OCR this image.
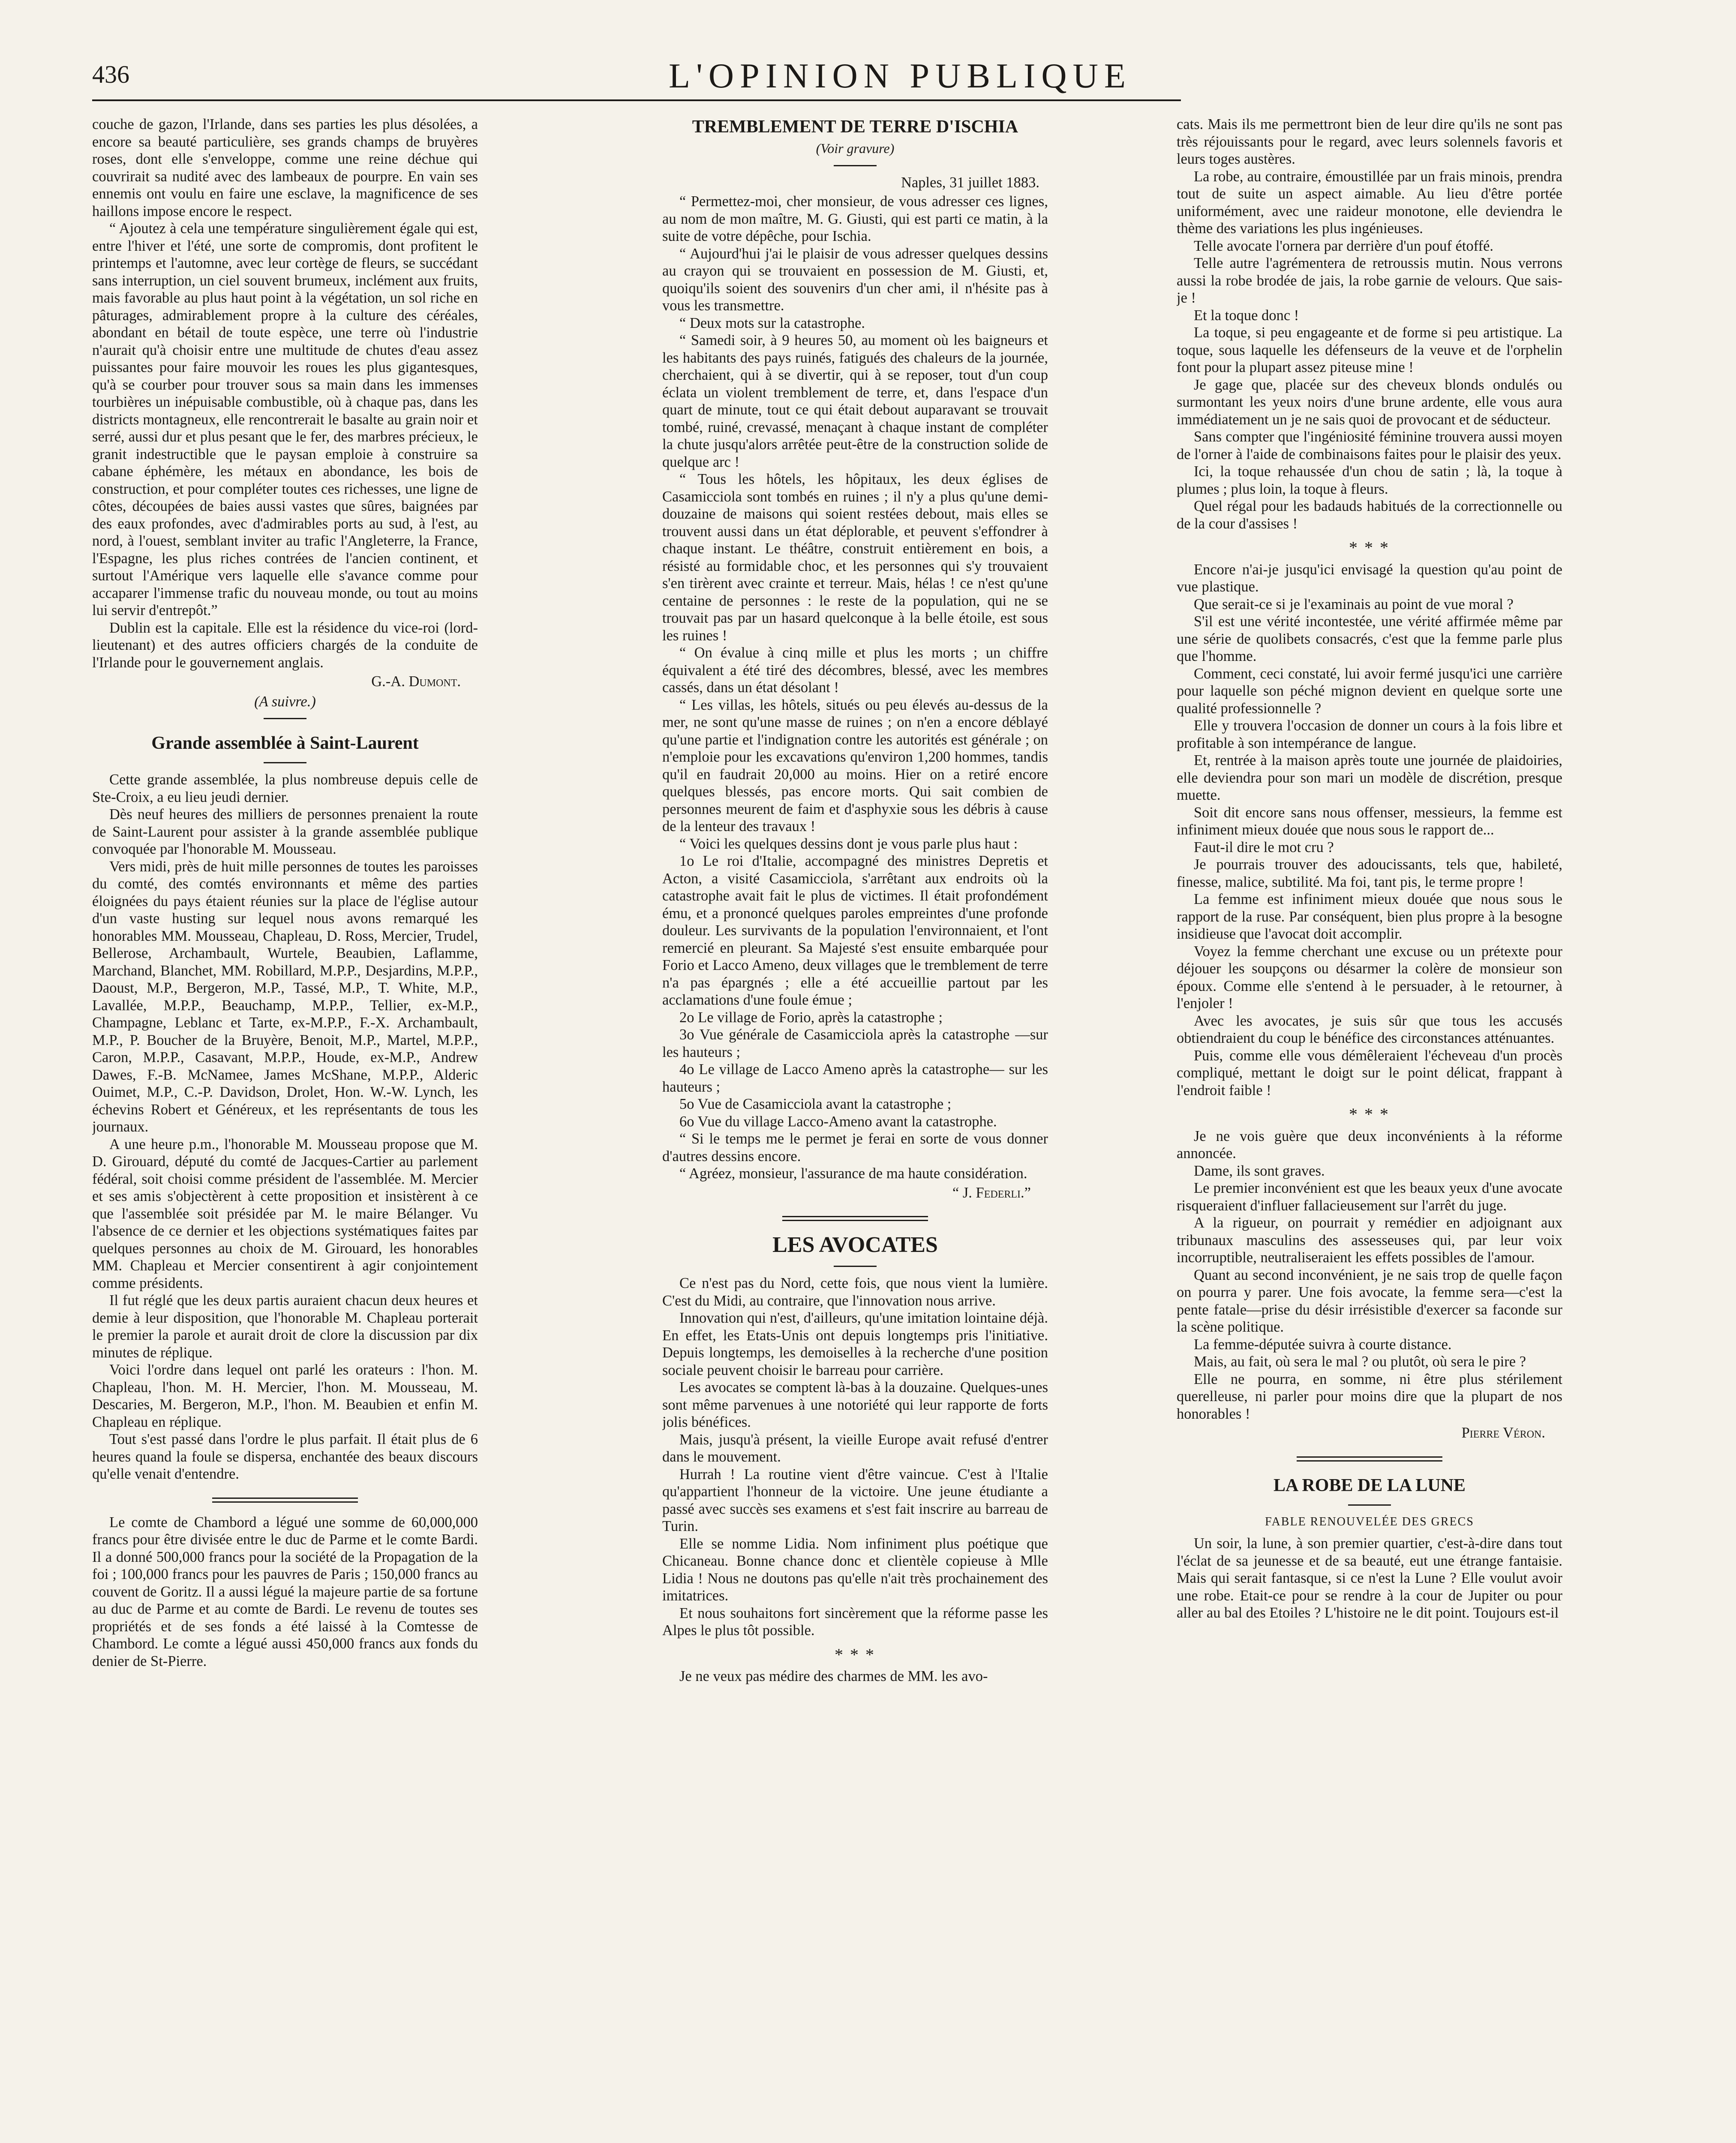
436	L'OPINION PUBLIQUE

couche de gazon, l'Irlande, dans ses parties les plus désolées, a encore sa beauté particulière, ses grands champs de bruyères roses, dont elle s'enveloppe, comme une reine déchue qui couvrirait sa nudité avec des lambeaux de pourpre. En vain ses ennemis ont voulu en faire une esclave, la magnificence de ses haillons impose encore le respect.

“ Ajoutez à cela une température singulièrement égale qui est, entre l'hiver et l'été, une sorte de compromis, dont profitent le printemps et l'automne, avec leur cortège de fleurs, se succédant sans interruption, un ciel souvent brumeux, inclément aux fruits, mais favorable au plus haut point à la végétation, un sol riche en pâturages, admirablement propre à la culture des céréales, abondant en bétail de toute espèce, une terre où l'industrie n'aurait qu'à choisir entre une multitude de chutes d'eau assez puissantes pour faire mouvoir les roues les plus gigantesques, qu'à se courber pour trouver sous sa main dans les immenses tourbières un inépuisable combustible, où à chaque pas, dans les districts montagneux, elle rencontrerait le basalte au grain noir et serré, aussi dur et plus pesant que le fer, des marbres précieux, le granit indestructible que le paysan emploie à construire sa cabane éphémère, les métaux en abondance, les bois de construction, et pour compléter toutes ces richesses, une ligne de côtes, découpées de baies aussi vastes que sûres, baignées par des eaux profondes, avec d'admirables ports au sud, à l'est, au nord, à l'ouest, semblant inviter au trafic l'Angleterre, la France, l'Espagne, les plus riches contrées de l'ancien continent, et surtout l'Amérique vers laquelle elle s'avance comme pour accaparer l'immense trafic du nouveau monde, ou tout au moins lui servir d'entrepôt.”

Dublin est la capitale. Elle est la résidence du vice-roi (lord-lieutenant) et des autres officiers chargés de la conduite de l'Irlande pour le gouvernement anglais.

G.-A. Dumont.
(A suivre.)
Grande assemblée à Saint-Laurent

Cette grande assemblée, la plus nombreuse depuis celle de Ste-Croix, a eu lieu jeudi dernier.

Dès neuf heures des milliers de personnes prenaient la route de Saint-Laurent pour assister à la grande assemblée publique convoquée par l'honorable M. Mousseau.

Vers midi, près de huit mille personnes de toutes les paroisses du comté, des comtés environnants et même des parties éloignées du pays étaient réunies sur la place de l'église autour d'un vaste husting sur lequel nous avons remarqué les honorables MM. Mousseau, Chapleau, D. Ross, Mercier, Trudel, Bellerose, Archambault, Wurtele, Beaubien, Laflamme, Marchand, Blanchet, MM. Robillard, M.P.P., Desjardins, M.P.P., Daoust, M.P., Bergeron, M.P., Tassé, M.P., T. White, M.P., Lavallée, M.P.P., Beauchamp, M.P.P., Tellier, ex-M.P., Champagne, Leblanc et Tarte, ex-M.P.P., F.-X. Archambault, M.P., P. Boucher de la Bruyère, Benoit, M.P., Martel, M.P.P., Caron, M.P.P., Casavant, M.P.P., Houde, ex-M.P., Andrew Dawes, F.-B. McNamee, James McShane, M.P.P., Alderic Ouimet, M.P., C.-P. Davidson, Drolet, Hon. W.-W. Lynch, les échevins Robert et Généreux, et les représentants de tous les journaux.

A une heure p.m., l'honorable M. Mousseau propose que M. D. Girouard, député du comté de Jacques-Cartier au parlement fédéral, soit choisi comme président de l'assemblée. M. Mercier et ses amis s'objectèrent à cette proposition et insistèrent à ce que l'assemblée soit présidée par M. le maire Bélanger. Vu l'absence de ce dernier et les objections systématiques faites par quelques personnes au choix de M. Girouard, les honorables MM. Chapleau et Mercier consentirent à agir conjointement comme présidents.

Il fut réglé que les deux partis auraient chacun deux heures et demie à leur disposition, que l'honorable M. Chapleau porterait le premier la parole et aurait droit de clore la discussion par dix minutes de réplique.

Voici l'ordre dans lequel ont parlé les orateurs : l'hon. M. Chapleau, l'hon. M. H. Mercier, l'hon. M. Mousseau, M. Descaries, M. Bergeron, M.P., l'hon. M. Beaubien et enfin M. Chapleau en réplique.

Tout s'est passé dans l'ordre le plus parfait. Il était plus de 6 heures quand la foule se dispersa, enchantée des beaux discours qu'elle venait d'entendre.

Le comte de Chambord a légué une somme de 60,000,000 francs pour être divisée entre le duc de Parme et le comte Bardi. Il a donné 500,000 francs pour la société de la Propagation de la foi ; 100,000 francs pour les pauvres de Paris ; 150,000 francs au couvent de Goritz. Il a aussi légué la majeure partie de sa fortune au duc de Parme et au comte de Bardi. Le revenu de toutes ses propriétés et de ses fonds a été laissé à la Comtesse de Chambord. Le comte a légué aussi 450,000 francs aux fonds du denier de St-Pierre.

TREMBLEMENT DE TERRE D'ISCHIA
(Voir gravure)
Naples, 31 juillet 1883.

“ Permettez-moi, cher monsieur, de vous adresser ces lignes, au nom de mon maître, M. G. Giusti, qui est parti ce matin, à la suite de votre dépêche, pour Ischia.

“ Aujourd'hui j'ai le plaisir de vous adresser quelques dessins au crayon qui se trouvaient en possession de M. Giusti, et, quoiqu'ils soient des souvenirs d'un cher ami, il n'hésite pas à vous les transmettre.

“ Deux mots sur la catastrophe.

“ Samedi soir, à 9 heures 50, au moment où les baigneurs et les habitants des pays ruinés, fatigués des chaleurs de la journée, cherchaient, qui à se divertir, qui à se reposer, tout d'un coup éclata un violent tremblement de terre, et, dans l'espace d'un quart de minute, tout ce qui était debout auparavant se trouvait tombé, ruiné, crevassé, menaçant à chaque instant de compléter la chute jusqu'alors arrêtée peut-être de la construction solide de quelque arc !

“ Tous les hôtels, les hôpitaux, les deux églises de Casamicciola sont tombés en ruines ; il n'y a plus qu'une demi-douzaine de maisons qui soient restées debout, mais elles se trouvent aussi dans un état déplorable, et peuvent s'effondrer à chaque instant. Le théâtre, construit entièrement en bois, a résisté au formidable choc, et les personnes qui s'y trouvaient s'en tirèrent avec crainte et terreur. Mais, hélas ! ce n'est qu'une centaine de personnes : le reste de la population, qui ne se trouvait pas par un hasard quelconque à la belle étoile, est sous les ruines !

“ On évalue à cinq mille et plus les morts ; un chiffre équivalent a été tiré des décombres, blessé, avec les membres cassés, dans un état désolant !

“ Les villas, les hôtels, situés ou peu élevés au-dessus de la mer, ne sont qu'une masse de ruines ; on n'en a encore déblayé qu'une partie et l'indignation contre les autorités est générale ; on n'emploie pour les excavations qu'environ 1,200 hommes, tandis qu'il en faudrait 20,000 au moins. Hier on a retiré encore quelques blessés, pas encore morts. Qui sait combien de personnes meurent de faim et d'asphyxie sous les débris à cause de la lenteur des travaux !

“ Voici les quelques dessins dont je vous parle plus haut :

1o Le roi d'Italie, accompagné des ministres Depretis et Acton, a visité Casamicciola, s'arrêtant aux endroits où la catastrophe avait fait le plus de victimes. Il était profondément ému, et a prononcé quelques paroles empreintes d'une profonde douleur. Les survivants de la population l'environnaient, et l'ont remercié en pleurant. Sa Majesté s'est ensuite embarquée pour Forio et Lacco Ameno, deux villages que le tremblement de terre n'a pas épargnés ; elle a été accueillie partout par les acclamations d'une foule émue ;

2o Le village de Forio, après la catastrophe ;

3o Vue générale de Casamicciola après la catastrophe —sur les hauteurs ;

4o Le village de Lacco Ameno après la catastrophe— sur les hauteurs ;

5o Vue de Casamicciola avant la catastrophe ;

6o Vue du village Lacco-Ameno avant la catastrophe.

“ Si le temps me le permet je ferai en sorte de vous donner d'autres dessins encore.

“ Agréez, monsieur, l'assurance de ma haute considération.

“ J. Federli.”
LES AVOCATES

Ce n'est pas du Nord, cette fois, que nous vient la lumière. C'est du Midi, au contraire, que l'innovation nous arrive.

Innovation qui n'est, d'ailleurs, qu'une imitation lointaine déjà. En effet, les Etats-Unis ont depuis longtemps pris l'initiative. Depuis longtemps, les demoiselles à la recherche d'une position sociale peuvent choisir le barreau pour carrière.

Les avocates se comptent là-bas à la douzaine. Quelques-unes sont même parvenues à une notoriété qui leur rapporte de forts jolis bénéfices.

Mais, jusqu'à présent, la vieille Europe avait refusé d'entrer dans le mouvement.

Hurrah ! La routine vient d'être vaincue. C'est à l'Italie qu'appartient l'honneur de la victoire. Une jeune étudiante a passé avec succès ses examens et s'est fait inscrire au barreau de Turin.

Elle se nomme Lidia. Nom infiniment plus poétique que Chicaneau. Bonne chance donc et clientèle copieuse à Mlle Lidia ! Nous ne doutons pas qu'elle n'ait très prochainement des imitatrices.

Et nous souhaitons fort sincèrement que la réforme passe les Alpes le plus tôt possible.

* * *

Je ne veux pas médire des charmes de MM. les avo-

cats. Mais ils me permettront bien de leur dire qu'ils ne sont pas très réjouissants pour le regard, avec leurs solennels favoris et leurs toges austères.

La robe, au contraire, émoustillée par un frais minois, prendra tout de suite un aspect aimable. Au lieu d'être portée uniformément, avec une raideur monotone, elle deviendra le thème des variations les plus ingénieuses.

Telle avocate l'ornera par derrière d'un pouf étoffé.

Telle autre l'agrémentera de retroussis mutin. Nous verrons aussi la robe brodée de jais, la robe garnie de velours. Que sais-je !

Et la toque donc !

La toque, si peu engageante et de forme si peu artistique. La toque, sous laquelle les défenseurs de la veuve et de l'orphelin font pour la plupart assez piteuse mine !

Je gage que, placée sur des cheveux blonds ondulés ou surmontant les yeux noirs d'une brune ardente, elle vous aura immédiatement un je ne sais quoi de provocant et de séducteur.

Sans compter que l'ingéniosité féminine trouvera aussi moyen de l'orner à l'aide de combinaisons faites pour le plaisir des yeux.

Ici, la toque rehaussée d'un chou de satin ; là, la toque à plumes ; plus loin, la toque à fleurs.

Quel régal pour les badauds habitués de la correctionnelle ou de la cour d'assises !

* * *

Encore n'ai-je jusqu'ici envisagé la question qu'au point de vue plastique.

Que serait-ce si je l'examinais au point de vue moral ?

S'il est une vérité incontestée, une vérité affirmée même par une série de quolibets consacrés, c'est que la femme parle plus que l'homme.

Comment, ceci constaté, lui avoir fermé jusqu'ici une carrière pour laquelle son péché mignon devient en quelque sorte une qualité professionnelle ?

Elle y trouvera l'occasion de donner un cours à la fois libre et profitable à son intempérance de langue.

Et, rentrée à la maison après toute une journée de plaidoiries, elle deviendra pour son mari un modèle de discrétion, presque muette.

Soit dit encore sans nous offenser, messieurs, la femme est infiniment mieux douée que nous sous le rapport de...

Faut-il dire le mot cru ?

Je pourrais trouver des adoucissants, tels que, habileté, finesse, malice, subtilité. Ma foi, tant pis, le terme propre !

La femme est infiniment mieux douée que nous sous le rapport de la ruse. Par conséquent, bien plus propre à la besogne insidieuse que l'avocat doit accomplir.

Voyez la femme cherchant une excuse ou un prétexte pour déjouer les soupçons ou désarmer la colère de monsieur son époux. Comme elle s'entend à le persuader, à le retourner, à l'enjoler !

Avec les avocates, je suis sûr que tous les accusés obtiendraient du coup le bénéfice des circonstances atténuantes.

Puis, comme elle vous démêleraient l'écheveau d'un procès compliqué, mettant le doigt sur le point délicat, frappant à l'endroit faible !

* * *

Je ne vois guère que deux inconvénients à la réforme annoncée.

Dame, ils sont graves.

Le premier inconvénient est que les beaux yeux d'une avocate risqueraient d'influer fallacieusement sur l'arrêt du juge.

A la rigueur, on pourrait y remédier en adjoignant aux tribunaux masculins des assesseuses qui, par leur voix incorruptible, neutraliseraient les effets possibles de l'amour.

Quant au second inconvénient, je ne sais trop de quelle façon on pourra y parer. Une fois avocate, la femme sera—c'est la pente fatale—prise du désir irrésistible d'exercer sa faconde sur la scène politique.

La femme-députée suivra à courte distance.

Mais, au fait, où sera le mal ? ou plutôt, où sera le pire ?

Elle ne pourra, en somme, ni être plus stérilement querelleuse, ni parler pour moins dire que la plupart de nos honorables !

Pierre Véron.
LA ROBE DE LA LUNE
FABLE RENOUVELÉE DES GRECS

Un soir, la lune, à son premier quartier, c'est-à-dire dans tout l'éclat de sa jeunesse et de sa beauté, eut une étrange fantaisie. Mais qui serait fantasque, si ce n'est la Lune ? Elle voulut avoir une robe. Etait-ce pour se rendre à la cour de Jupiter ou pour aller au bal des Etoiles ? L'histoire ne le dit point. Toujours est-il
